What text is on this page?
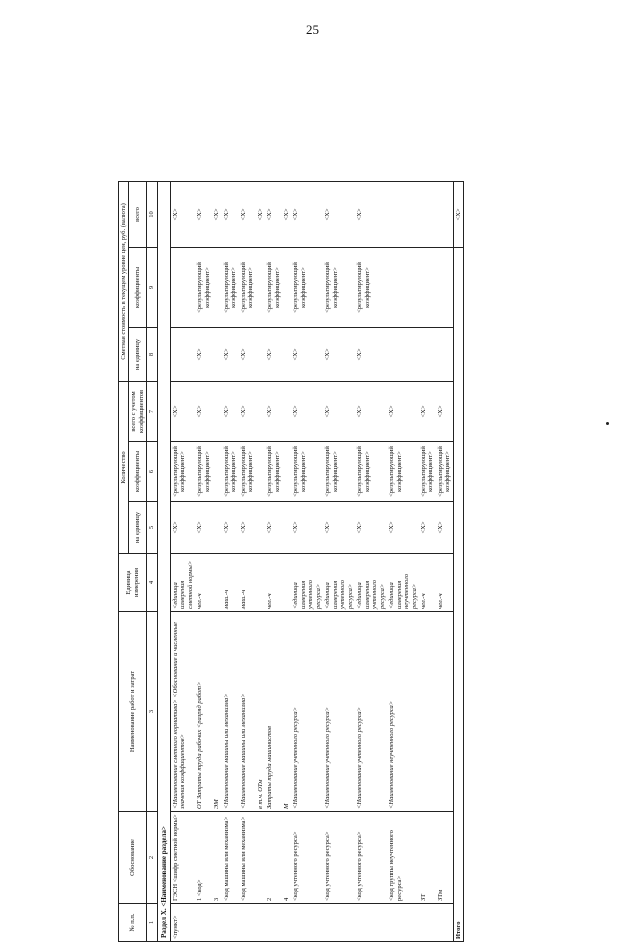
25
№ п.п.	Обоснование	Наименование работ и затрат	Единица измерения	Количество			Сметная стоимость в текущем уровне цен, руб. (валюта)		
				на единицу	коэффициенты	всего с учетом коэффициентов	на единицу	коэффициенты	всего
1	2	3	4	5	6	7	8	9	10
Раздел X. <Наименование раздела>									
<пункт>	ГЭСН <шифр сметной нормы>	<Наименование сметного норматива> <Обоснование и численные значения коэффициентов>	<единица измерения сметной нормы>	<X>	<результирующий коэффициент>	<X>			<X>
	1 <код>	ОТ Затраты труда рабочих <разряд работ>	чел.-ч	<X>	<результирующий коэффициент>	<X>	<X>	<результирующий коэффициент>	<X>
	3	ЭМ							<X>
	<код машины или механизма>	<Наименование машины или механизма>	маш.-ч	<X>	<результирующий коэффициент>	<X>	<X>	<результирующий коэффициент>	<X>
	<код машины или механизма>	<Наименование машины или механизма>	маш.-ч	<X>	<результирующий коэффициент>	<X>	<X>	<результирующий коэффициент>	<X>
		в т.ч. ОТм							<X>
	2	Затраты труда машинистов	чел.-ч	<X>	<результирующий коэффициент>	<X>	<X>	<результирующий коэффициент>	<X>
	4	М							<X>
	<код учтенного ресурса>	<Наименование учтенного ресурса>	<единица измерения учтенного ресурса>	<X>	<результирующий коэффициент>	<X>	<X>	<результирующий коэффициент>	<X>
	<код учтенного ресурса>	<Наименование учтенного ресурса>	<единица измерения учтенного ресурса>	<X>	<результирующий коэффициент>	<X>	<X>	<результирующий коэффициент>	<X>
	<код учтенного ресурса>	<Наименование учтенного ресурса>	<единица измерения учтенного ресурса>	<X>	<результирующий коэффициент>	<X>	<X>	<результирующий коэффициент>	<X>
	<код группы неучтенного ресурса>	<Наименование неучтенного ресурса>	<единица измерения неучтенного ресурса>	<X>	<результирующий коэффициент>	<X>			
	ЗТ		чел.-ч	<X>	<результирующий коэффициент>	<X>			
	ЗТм		чел.-ч	<X>	<результирующий коэффициент>	<X>			
Итого									<X>
